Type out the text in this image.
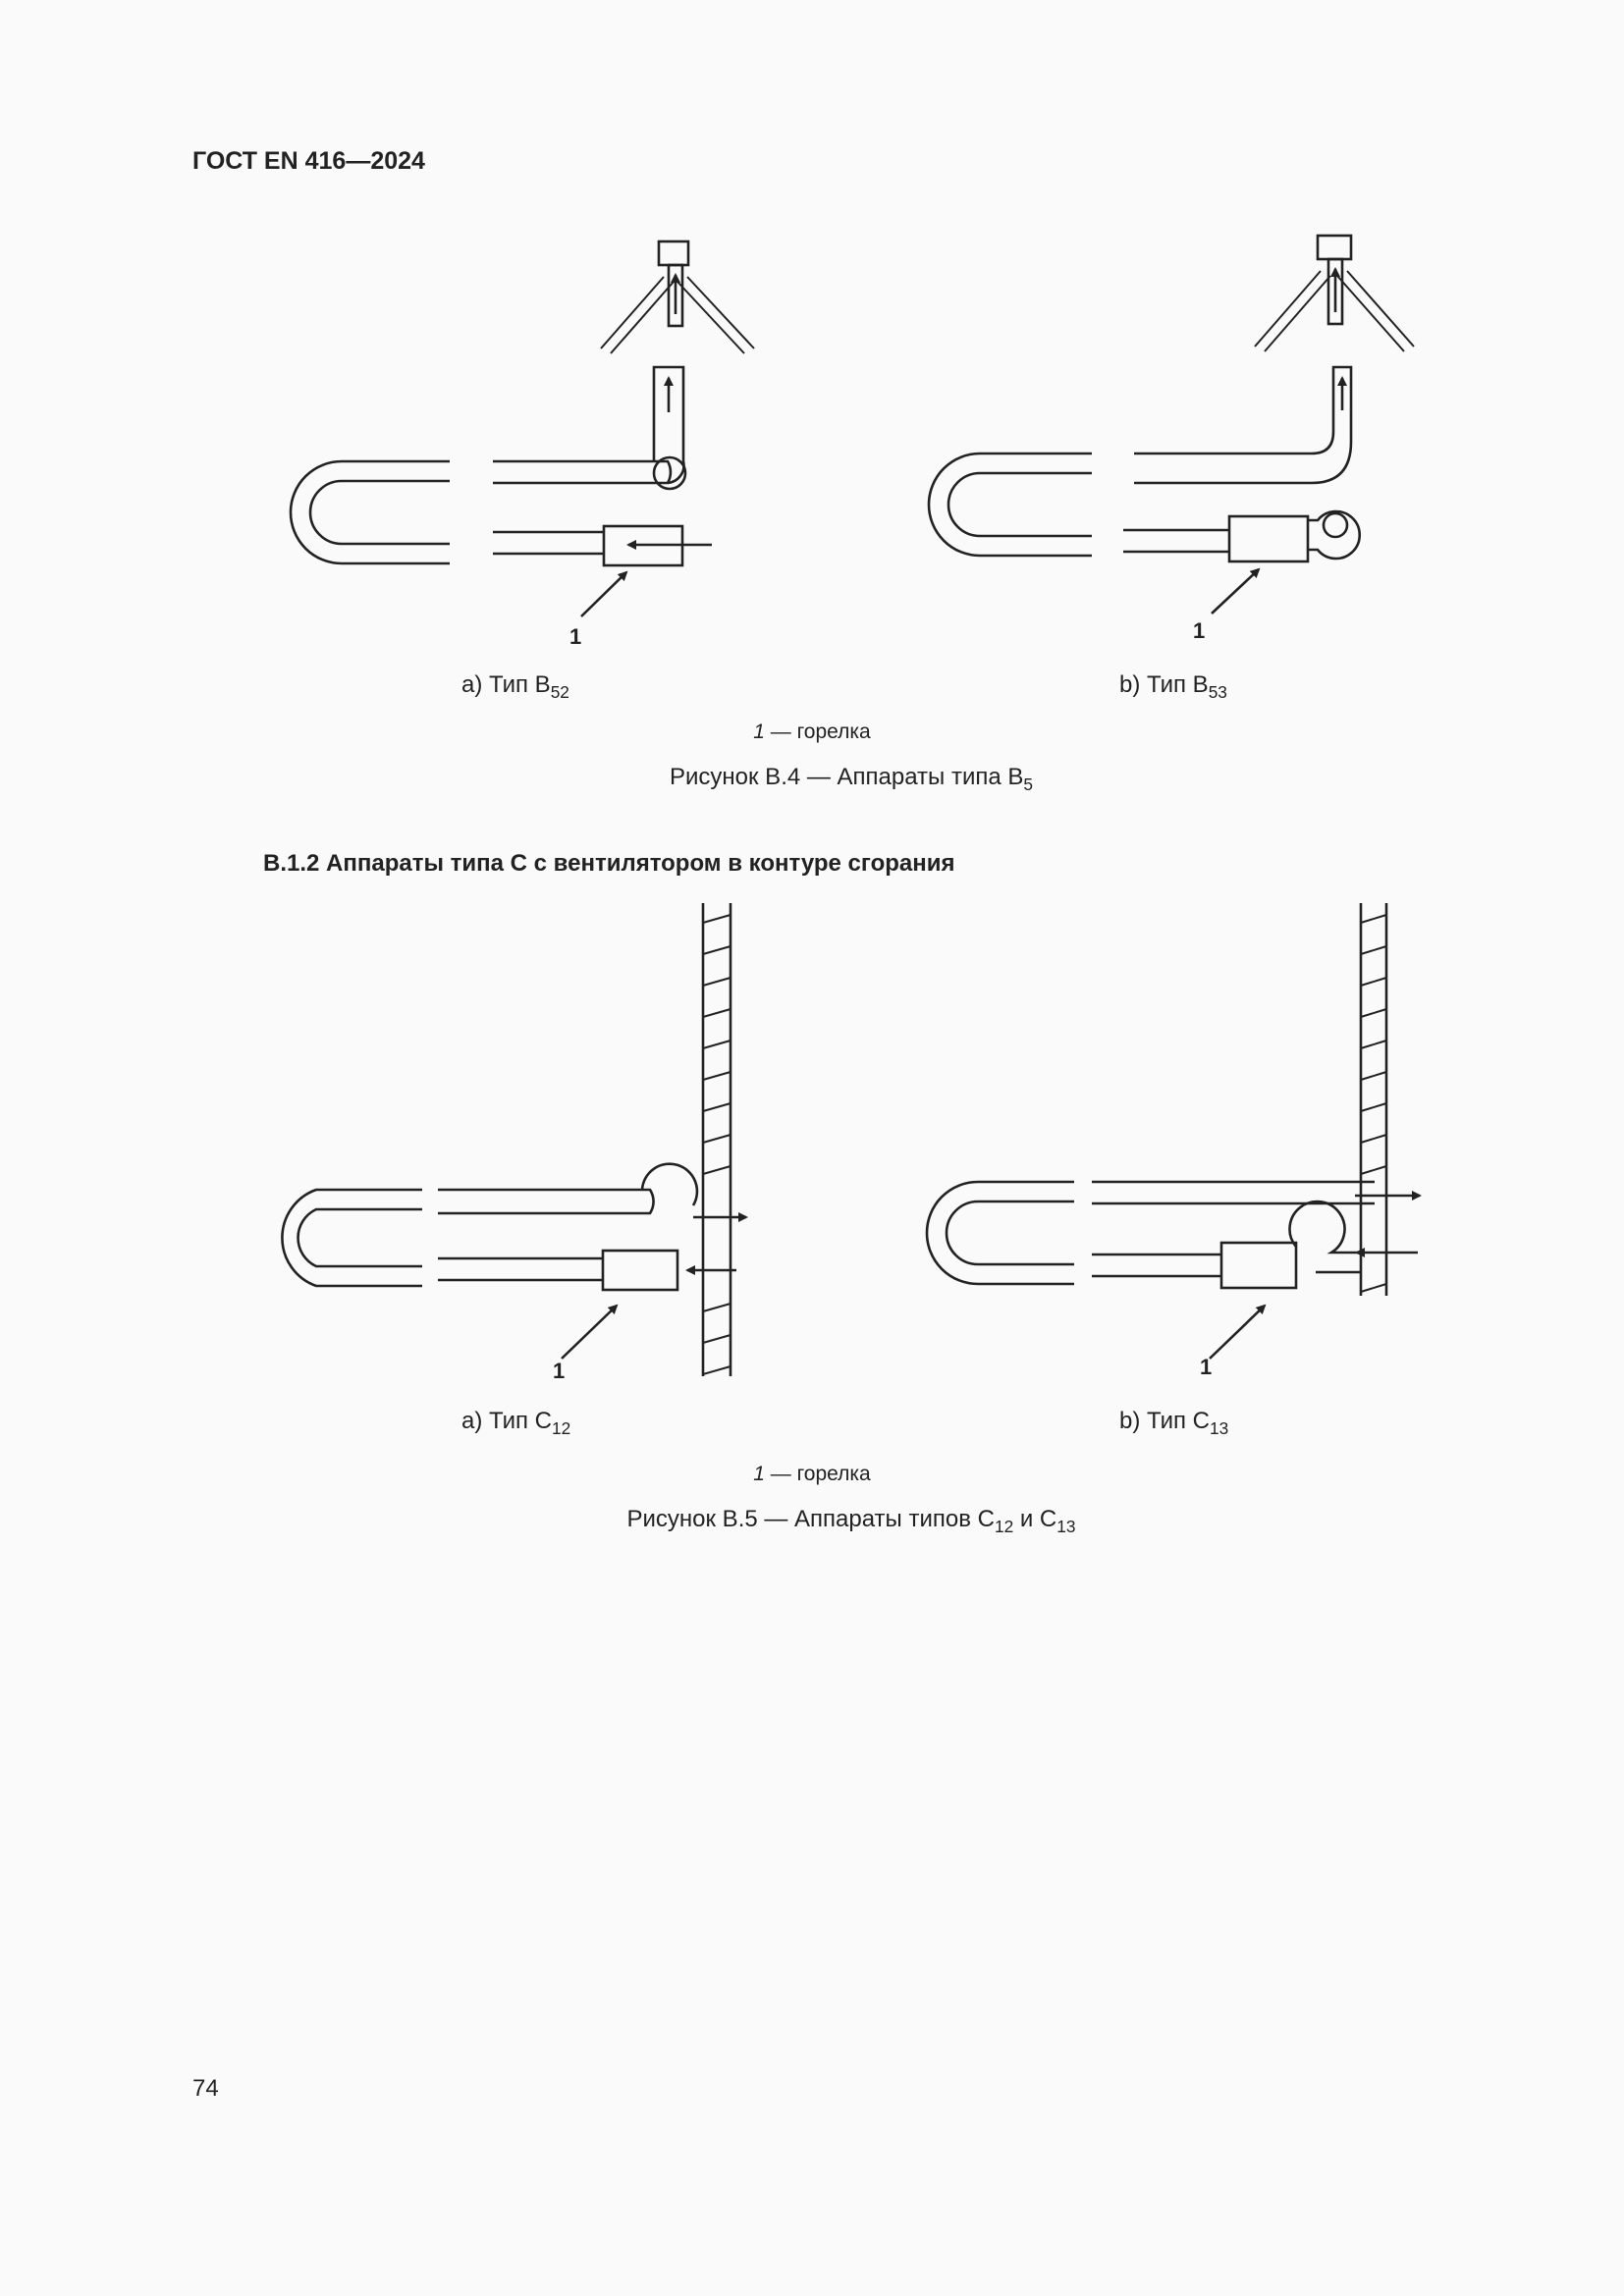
ГОСТ EN 416—2024
1	1
a) Тип $В_{52}$	b) Тип $В_{53}$
1 — горелка
Рисунок В.4 — Аппараты типа $В_5$
В.1.2 Аппараты типа С с вентилятором в контуре сгорания
1	1
a) Тип $С_{12}$	b) Тип $С_{13}$
1 — горелка
Рисунок В.5 — Аппараты типов $С_{12}$ и $С_{13}$
74
